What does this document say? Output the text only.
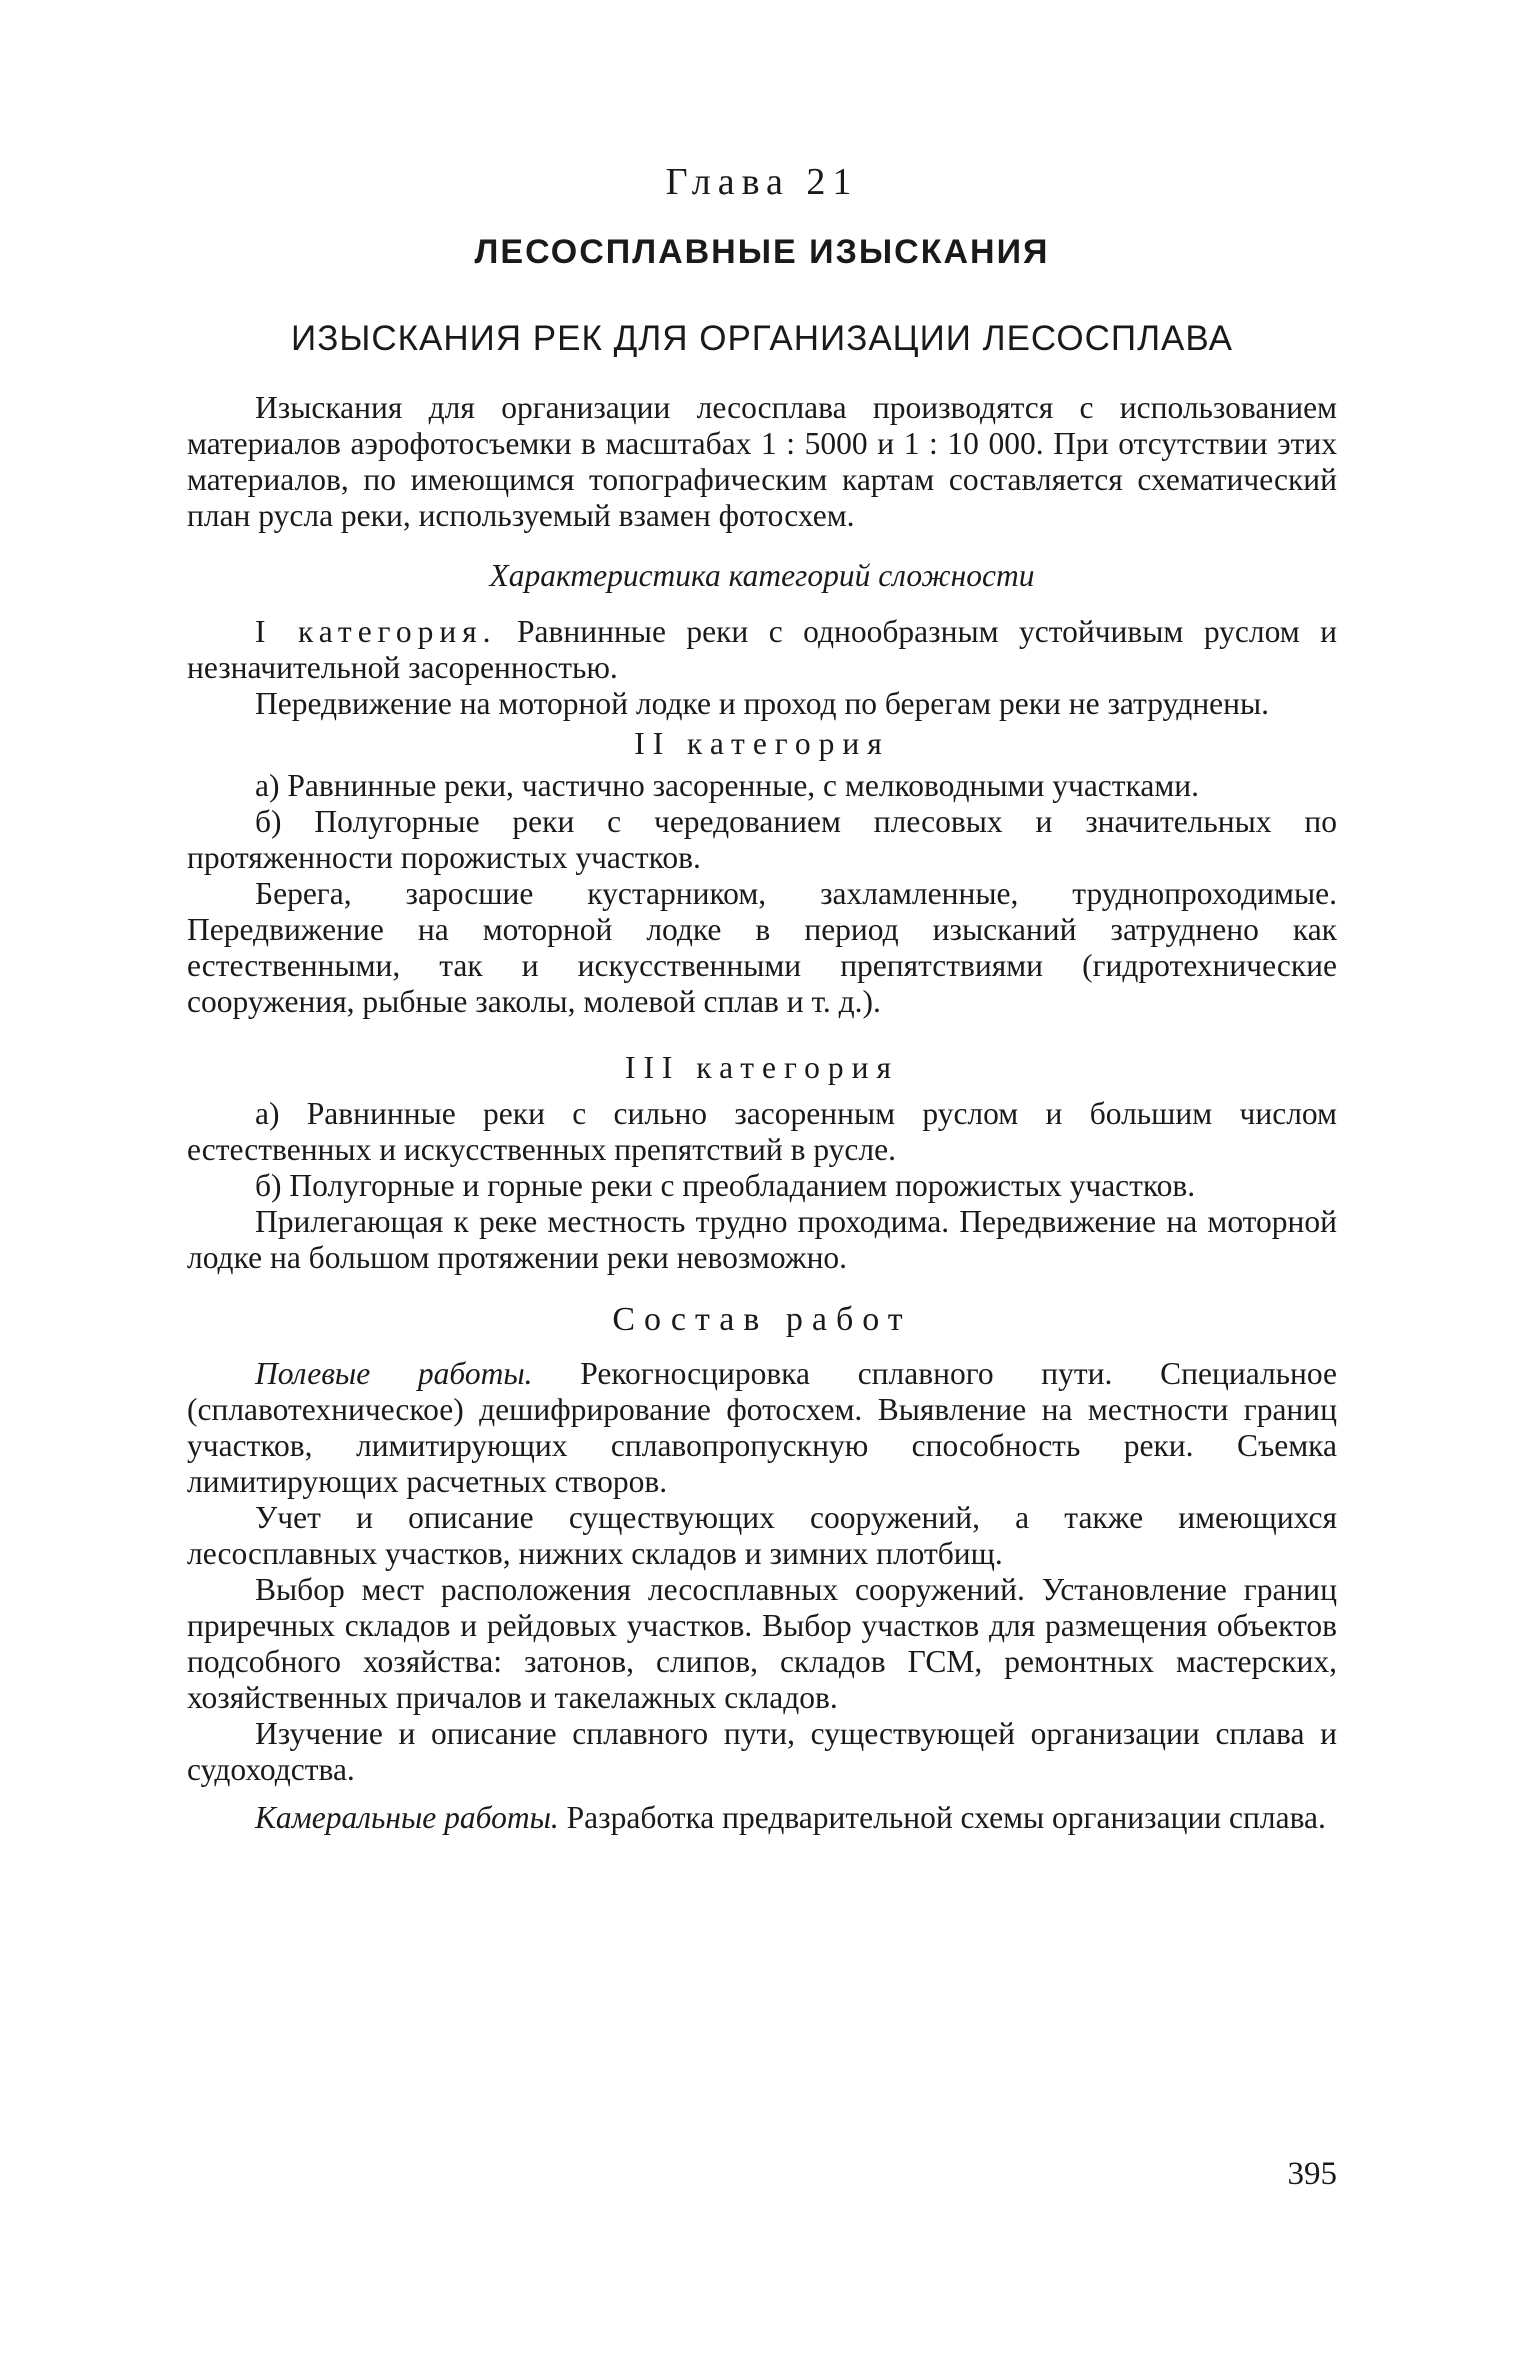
Глава 21
ЛЕСОСПЛАВНЫЕ ИЗЫСКАНИЯ
ИЗЫСКАНИЯ РЕК ДЛЯ ОРГАНИЗАЦИИ ЛЕСОСПЛАВА

Изыскания для организации лесосплава производятся с использованием материалов аэрофотосъемки в масштабах 1 : 5000 и 1 : 10 000. При отсутствии этих материалов, по имеющимся топографическим картам составляется схематический план русла реки, используемый взамен фотосхем.

Характеристика категорий сложности

I категория. Равнинные реки с однообразным устойчивым руслом и незначительной засоренностью.

Передвижение на моторной лодке и проход по берегам реки не затруднены.

II категория

а) Равнинные реки, частично засоренные, с мелководными участками.

б) Полугорные реки с чередованием плесовых и значительных по протяженности порожистых участков.

Берега, заросшие кустарником, захламленные, труднопроходимые. Передвижение на моторной лодке в период изысканий затруднено как естественными, так и искусственными препятствиями (гидротехнические сооружения, рыбные заколы, молевой сплав и т. д.).

III категория

а) Равнинные реки с сильно засоренным руслом и большим числом естественных и искусственных препятствий в русле.

б) Полугорные и горные реки с преобладанием порожистых участков.

Прилегающая к реке местность трудно проходима. Передвижение на моторной лодке на большом протяжении реки невозможно.

Состав работ

Полевые работы. Рекогносцировка сплавного пути. Специальное (сплавотехническое) дешифрирование фотосхем. Выявление на местности границ участков, лимитирующих сплавопропускную способность реки. Съемка лимитирующих расчетных створов.

Учет и описание существующих сооружений, а также имеющихся лесосплавных участков, нижних складов и зимних плотбищ.

Выбор мест расположения лесосплавных сооружений. Установление границ приречных складов и рейдовых участков. Выбор участков для размещения объектов подсобного хозяйства: затонов, слипов, складов ГСМ, ремонтных мастерских, хозяйственных причалов и такелажных складов.

Изучение и описание сплавного пути, существующей организации сплава и судоходства.

Камеральные работы. Разработка предварительной схемы организации сплава.

395
